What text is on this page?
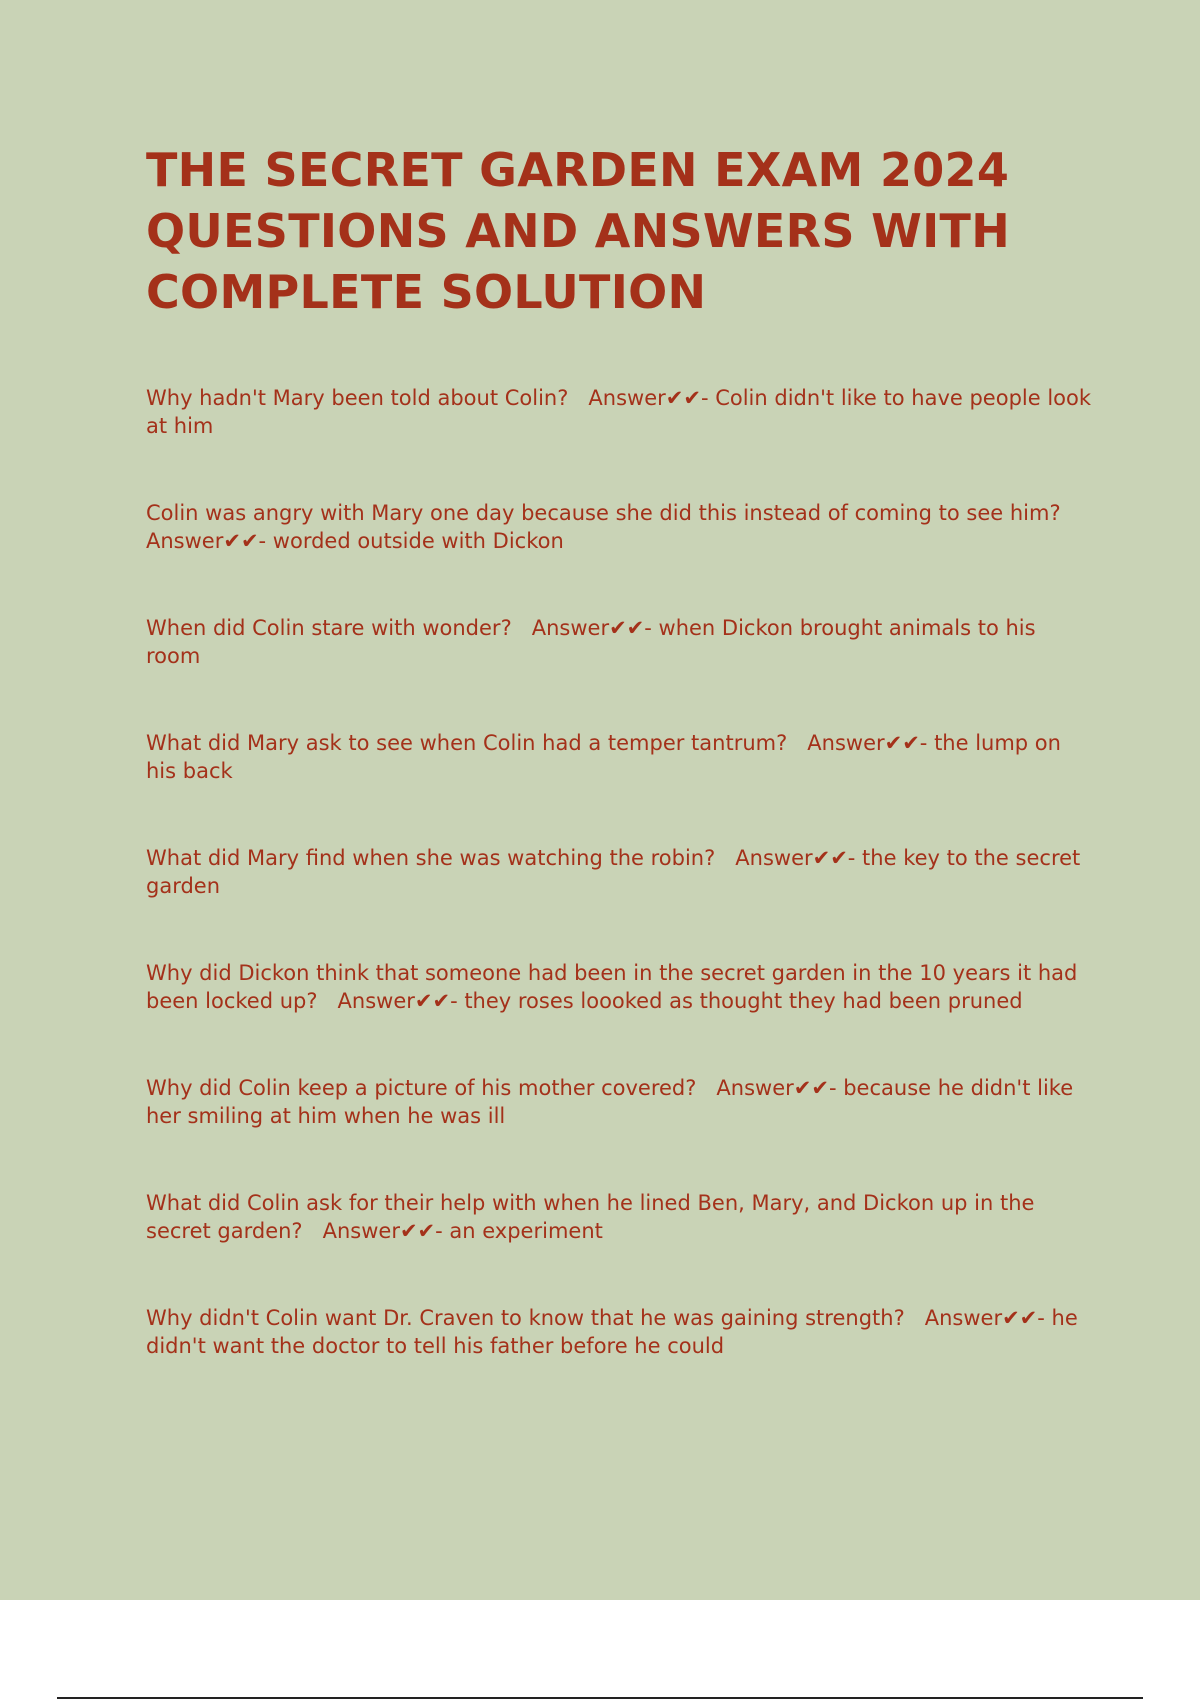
THE SECRET GARDEN EXAM 2024 QUESTIONS AND ANSWERS WITH COMPLETE SOLUTION

Why hadn't Mary been told about Colin?   Answer✔✔- Colin didn't like to have people look at him

Colin was angry with Mary one day because she did this instead of coming to see him?   Answer✔✔- worded outside with Dickon

When did Colin stare with wonder?   Answer✔✔- when Dickon brought animals to his room

What did Mary ask to see when Colin had a temper tantrum?   Answer✔✔- the lump on his back

What did Mary find when she was watching the robin?   Answer✔✔- the key to the secret garden

Why did Dickon think that someone had been in the secret garden in the 10 years it had been locked up?   Answer✔✔- they roses loooked as thought they had been pruned

Why did Colin keep a picture of his mother covered?   Answer✔✔- because he didn't like her smiling at him when he was ill

What did Colin ask for their help with when he lined Ben, Mary, and Dickon up in the secret garden?   Answer✔✔- an experiment

Why didn't Colin want Dr. Craven to know that he was gaining strength?   Answer✔✔- he didn't want the doctor to tell his father before he could
